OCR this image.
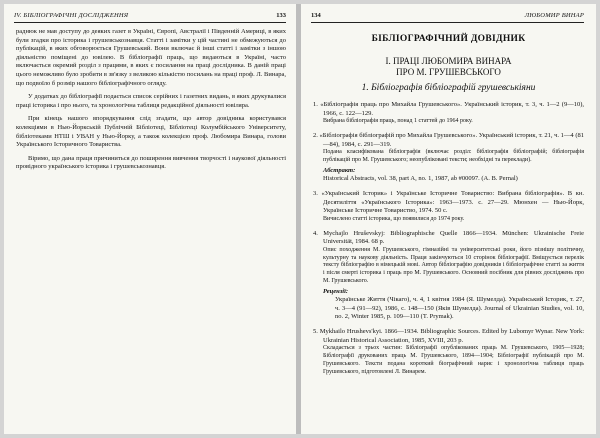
IV. БІБЛІОГРАФІЧНІ ДОСЛІДЖЕННЯ	133

раднюк не мав доступу до деяких газет в Україні, Європі, Австралії і Південній Америці, в яких були згадки про історика і грушевськознавця. Статті і замітки у цій частині не обмежуються до публікацій, в яких обговорюється Грушевський. Вони включає й інші статті і замітки з іншою діяльністю поміщені до ювілею. В бібліографії праць, що видаються в Україні, часто включається окремий розділ з працями, в яких є посилання на праці дослідника. В даній праці цього неможливо було зробити в зв'язку з великою кількістю посилань на праці проф. Л. Винара, що подвоїло б розмір нашого бібліографічного огляду.

У додатках до бібліографії подається список серійних і газетних видань, в яких друкувалися праці історика і про нього, та хронологічна таблиця редакційної діяльності ювіляра.

При кінець нашого впорядкування слід згадати, що автор довідника користувався колекціями в Нью-Йоркській Публічній Бібліотеці, Бібліотеці Колумбійського Університету, бібліотеками НТШ і УВАН у Нью-Йорку, а також колекцією проф. Любомира Винара, голови Українського Історичного Товариства.

Віримо, що дана праця причиниться до поширення вивчення творчості і наукової діяльності провідного українського історика і грушевськознавця.

134	ЛЮБОМИР ВИНАР
БІБЛІОГРАФІЧНИЙ ДОВІДНИК
I. ПРАЦІ ЛЮБОМИРА ВИНАРА
ПРО М. ГРУШЕВСЬКОГО
1. Бібліографія бібліографій грушевськіяни

1. «Бібліографія праць про Михайла Грушевського». Український історик, т. 3, ч. 1—2 (9—10), 1966, с. 122—129.

Вибрана бібліографія праць, понад 1 статтей до 1964 року.

2. «Бібліографія бібліографій про Михайла Грушевського». Український історик, т. 21, ч. 1—4 (81—84), 1984, с. 291—319.

Подана класифікована бібліографія (включає розділ: бібліографія бібліографій; бібліографія публікацій про М. Грушевського; неопубліковані тексти; необхідні та переклади).

Абстракт:

Historical Abstracts, vol. 38, part A, no. 1, 1987, ab #00097. (A. B. Pernal)

3. «Український Історик» і Українське Історичне Товариство: Вибрана бібліографія». В кн. Десятиліття «Українського Історика»: 1963—1973. с. 27—29. Мюнхен — Нью-Йорк, Українське Історичне Товариство, 1974. 50 с.

Вичислено статті історика, що появилися до 1974 року.

4. Mychajlo Hruševskyj: Bibliographische Quelle 1866—1934. München: Ukrainische Freie Universität, 1984. 68 р.

Опис походження М. Грушевського, гімназійні та університетські роки, його пізнішу політичну, культурну та наукову діяльність. Праця закінчуються 10 сторінок бібліографії. Вміщується перелік тексту бібліографію в німецькій мові. Автор бібліографію довідників і бібліографічне статті за життя і після смерті історика і праць про М. Грушевського. Основний посібник для рівних досліджень про М. Грушевського.

Рецензії:

Українське Життя (Чікаго), ч. 4, 1 квітня 1984 (Я. Шумелда). Український Історик, т. 27, ч. 3—4 (91—92), 1986, с. 148—150 (Яків Шумелда). Journal of Ukrainian Studies, vol. 10, no. 2, Winter 1985, p. 109—110 (T. Prymak).

5. Mykhailo Hrushevs'kyi. 1866—1934. Bibliographic Sources. Edited by Lubomyr Wynar. New York: Ukrainian Historical Association, 1985, XVIII, 203 p.

Складається з трьох частин: Бібліографії опублікованих праць М. Грушевського, 1905—1928; Бібліографії друкованих праць М. Грушевського, 1894—1904; Бібліографії публікацій про М. Грушевського. Тексти подана короткий біографічний нарис і хронологічна таблиця праць Грушевського, підготовлені Л. Винарем.
